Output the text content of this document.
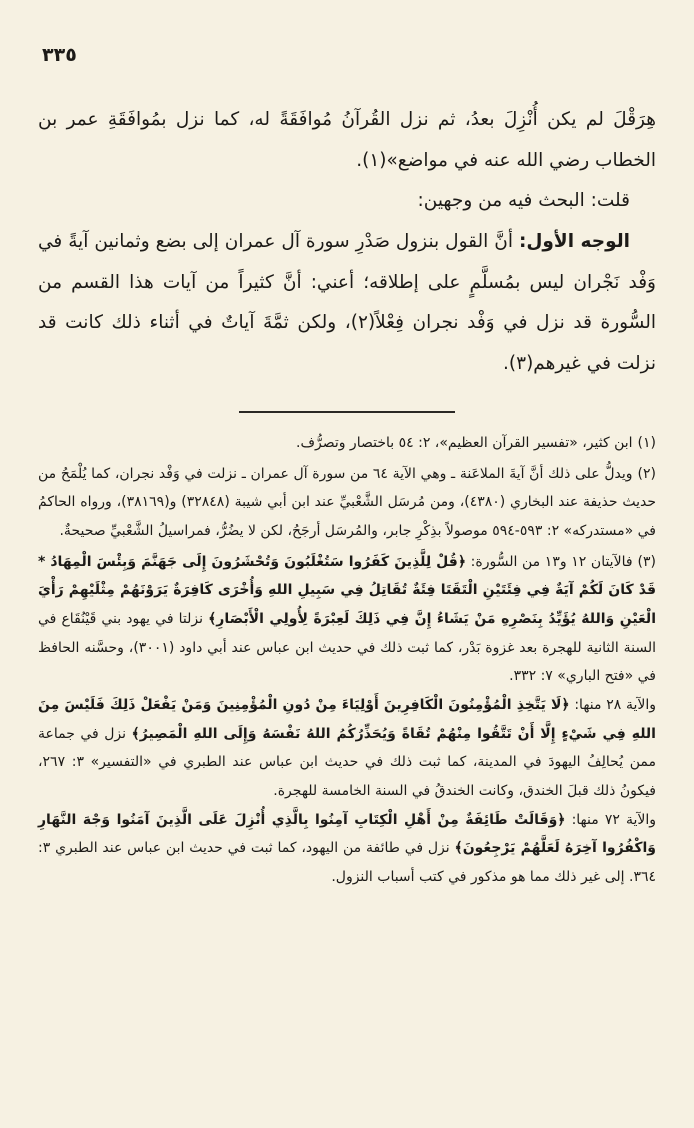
٣٣٥

هِرَقْلَ لم يكن أُنْزِلَ بعدُ، ثم نزل القُرآنُ مُوافَقَةً له، كما نزل بمُوافَقَةِ عمر بن الخطاب رضي الله عنه في مواضع»(١).

قلت: البحث فيه من وجهين:

الوجه الأول: أنَّ القول بنزول صَدْرِ سورة آل عمران إلى بضع وثمانين آيةً في وَفْد نَجْران ليس بمُسلَّمٍ على إطلاقه؛ أعني: أنَّ كثيراً من آيات هذا القسم من السُّورة قد نزل في وَفْد نجران فِعْلاً(٢)، ولكن ثمَّةَ آياتٌ في أثناء ذلك كانت قد نزلت في غيرهم(٣).

(١)ابن كثير، «تفسير القرآن العظيم»، ٢: ٥٤ باختصار وتصرُّف.

(٢)ويدلُّ على ذلك أنَّ آيةَ الملاعَنة ـ وهي الآية ٦٤ من سورة آل عمران ـ نزلت في وَفْد نجران، كما يُلْمَحُ من حديث حذيفة عند البخاري (٤٣٨٠)، ومن مُرسَل الشَّعْبيِّ عند ابن أبي شيبة (٣٢٨٤٨) و(٣٨١٦٩)، ورواه الحاكمُ في «مستدركه» ٢: ٥٩٣-٥٩٤ موصولاً بذِكْرِ جابر، والمُرسَل أرجَحُ، لكن لا يضُرُّ، فمراسيلُ الشَّعْبيِّ صحيحةٌ.

(٣)فالآيتان ١٢ و١٣ من السُّورة: ﴿قُلْ لِلَّذِينَ كَفَرُوا سَتُغْلَبُونَ وَتُحْشَرُونَ إِلَى جَهَنَّمَ وَبِئْسَ الْمِهَادُ * قَدْ كَانَ لَكُمْ آيَةٌ فِي فِئَتَيْنِ الْتَقَتَا فِئَةٌ تُقَاتِلُ فِي سَبِيلِ اللهِ وَأُخْرَى كَافِرَةٌ يَرَوْنَهُمْ مِثْلَيْهِمْ رَأْيَ الْعَيْنِ وَاللهُ يُؤَيِّدُ بِنَصْرِهِ مَنْ يَشَاءُ إِنَّ فِي ذَلِكَ لَعِبْرَةً لِأُولِي الْأَبْصَارِ﴾ نزلتا في يهود بني قَيْنُقَاع في السنة الثانية للهجرة بعد غزوة بَدْر، كما ثبت ذلك في حديث ابن عباس عند أبي داود (٣٠٠١)، وحسَّنه الحافظ في «فتح الباري» ٧: ٣٣٢.

والآية ٢٨ منها: ﴿لَا يَتَّخِذِ الْمُؤْمِنُونَ الْكَافِرِينَ أَوْلِيَاءَ مِنْ دُونِ الْمُؤْمِنِينَ وَمَنْ يَفْعَلْ ذَلِكَ فَلَيْسَ مِنَ اللهِ فِي شَيْءٍ إِلَّا أَنْ تَتَّقُوا مِنْهُمْ تُقَاةً وَيُحَذِّرُكُمُ اللهُ نَفْسَهُ وَإِلَى اللهِ الْمَصِيرُ﴾ نزل في جماعة ممن يُحالِفُ اليهودَ في المدينة، كما ثبت ذلك في حديث ابن عباس عند الطبري في «التفسير» ٣: ٢٦٧، فيكونُ ذلك قبلَ الخندق، وكانت الخندقُ في السنة الخامسة للهجرة.

والآية ٧٢ منها: ﴿وَقَالَتْ طَائِفَةٌ مِنْ أَهْلِ الْكِتَابِ آمِنُوا بِالَّذِي أُنْزِلَ عَلَى الَّذِينَ آمَنُوا وَجْهَ النَّهَارِ وَاكْفُرُوا آخِرَهُ لَعَلَّهُمْ يَرْجِعُونَ﴾ نزل في طائفة من اليهود، كما ثبت في حديث ابن عباس عند الطبري ٣: ٣٦٤. إلى غير ذلك مما هو مذكور في كتب أسباب النزول.
